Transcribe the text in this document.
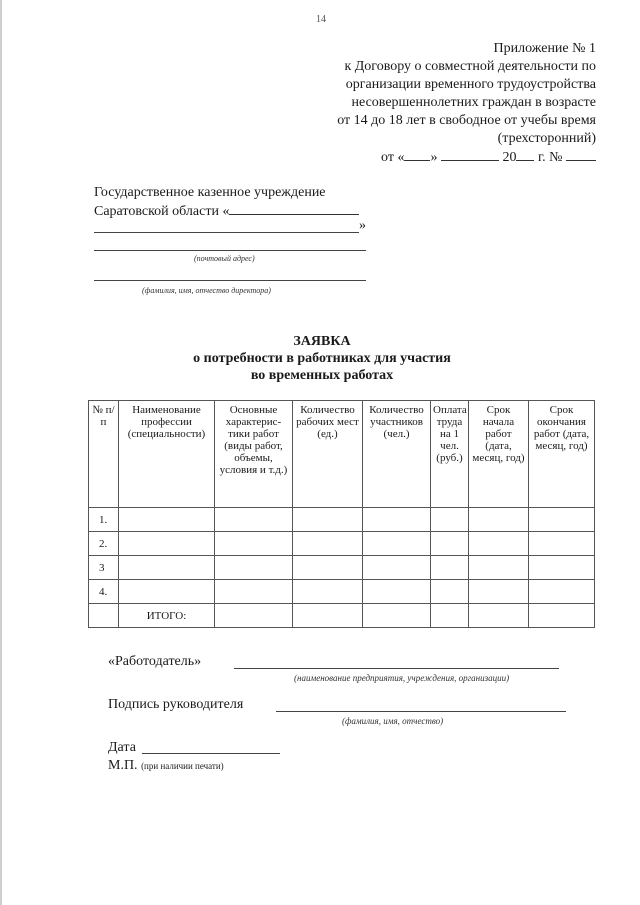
14
Приложение № 1
к Договору о совместной деятельности по
организации временного трудоустройства
несовершеннолетних граждан в возрасте
от 14 до 18 лет в свободное от учебы время
(трехсторонний)
от « »	20 г. №
Государственное казенное учреждение
Саратовской области «
»
(почтовый адрес)
(фамилия, имя, отчество директора)
ЗАЯВКА
о потребности в работниках для участия
во временных работах
№ п/п	Наименование профессии (специальности)	Основные характерис-тики работ (виды работ, объемы, условия и т.д.)	Количество рабочих мест (ед.)	Количество участников (чел.)	Оплата труда на 1 чел. (руб.)	Срок начала работ (дата, месяц, год)	Срок окончания работ (дата, месяц, год)
1.							
2.							
3							
4.							
	ИТОГО:						
«Работодатель»
(наименование предприятия, учреждения, организации)
Подпись руководителя
(фамилия, имя, отчество)
Дата
М.П. (при наличии печати)
